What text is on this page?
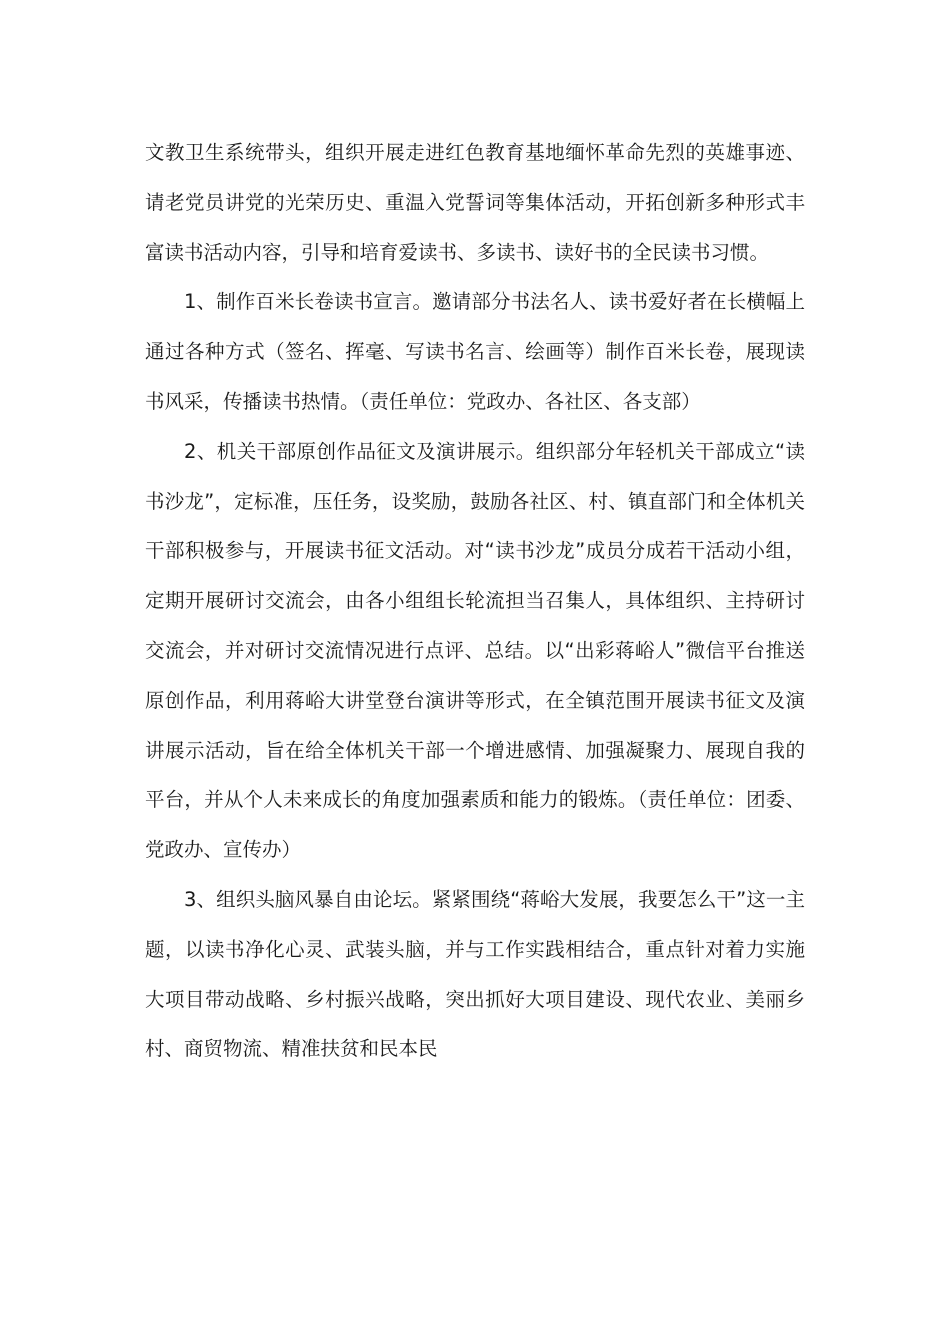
文教卫生系统带头，组织开展走进红色教育基地缅怀革命先烈的英雄事迹、请老党员讲党的光荣历史、重温入党誓词等集体活动，开拓创新多种形式丰富读书活动内容，引导和培育爱读书、多读书、读好书的全民读书习惯。

1、制作百米长卷读书宣言。邀请部分书法名人、读书爱好者在长横幅上通过各种方式（签名、挥毫、写读书名言、绘画等）制作百米长卷，展现读书风采，传播读书热情。（责任单位：党政办、各社区、各支部）

2、机关干部原创作品征文及演讲展示。组织部分年轻机关干部成立“读书沙龙”，定标准，压任务，设奖励，鼓励各社区、村、镇直部门和全体机关干部积极参与，开展读书征文活动。对“读书沙龙”成员分成若干活动小组，定期开展研讨交流会，由各小组组长轮流担当召集人，具体组织、主持研讨交流会，并对研讨交流情况进行点评、总结。以“出彩蒋峪人”微信平台推送原创作品，利用蒋峪大讲堂登台演讲等形式，在全镇范围开展读书征文及演讲展示活动，旨在给全体机关干部一个增进感情、加强凝聚力、展现自我的平台，并从个人未来成长的角度加强素质和能力的锻炼。（责任单位：团委、党政办、宣传办）

3、组织头脑风暴自由论坛。紧紧围绕“蒋峪大发展，我要怎么干”这一主题，以读书净化心灵、武装头脑，并与工作实践相结合，重点针对着力实施大项目带动战略、乡村振兴战略，突出抓好大项目建设、现代农业、美丽乡村、商贸物流、精准扶贫和民本民
